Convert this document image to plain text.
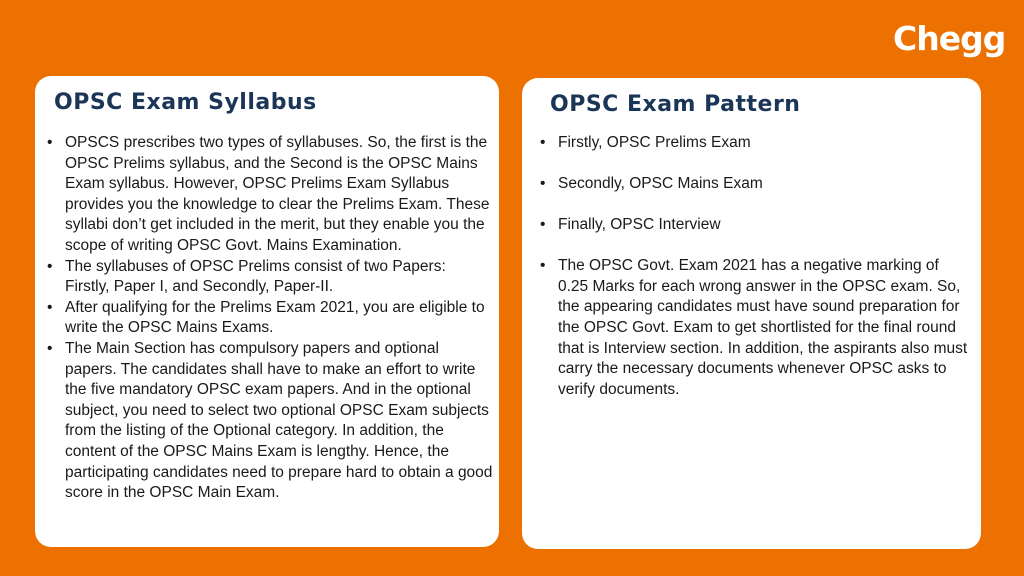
Chegg
OPSC Exam Syllabus
• OPSCS prescribes two types of syllabuses. So, the first is the OPSC Prelims syllabus, and the Second is the OPSC Mains Exam syllabus. However, OPSC Prelims Exam Syllabus provides you the knowledge to clear the Prelims Exam. These syllabi don’t get included in the merit, but they enable you the scope of writing OPSC Govt. Mains Examination.
• The syllabuses of OPSC Prelims consist of two Papers: Firstly, Paper I, and Secondly, Paper-II.
• After qualifying for the Prelims Exam 2021, you are eligible to write the OPSC Mains Exams.
• The Main Section has compulsory papers and optional papers. The candidates shall have to make an effort to write the five mandatory OPSC exam papers. And in the optional subject, you need to select two optional OPSC Exam subjects from the listing of the Optional category. In addition, the content of the OPSC Mains Exam is lengthy. Hence, the participating candidates need to prepare hard to obtain a good score in the OPSC Main Exam.
OPSC Exam Pattern
• Firstly, OPSC Prelims Exam
• Secondly, OPSC Mains Exam
• Finally, OPSC Interview
• The OPSC Govt. Exam 2021 has a negative marking of 0.25 Marks for each wrong answer in the OPSC exam. So, the appearing candidates must have sound preparation for the OPSC Govt. Exam to get shortlisted for the final round that is Interview section. In addition, the aspirants also must carry the necessary documents whenever OPSC asks to verify documents.
